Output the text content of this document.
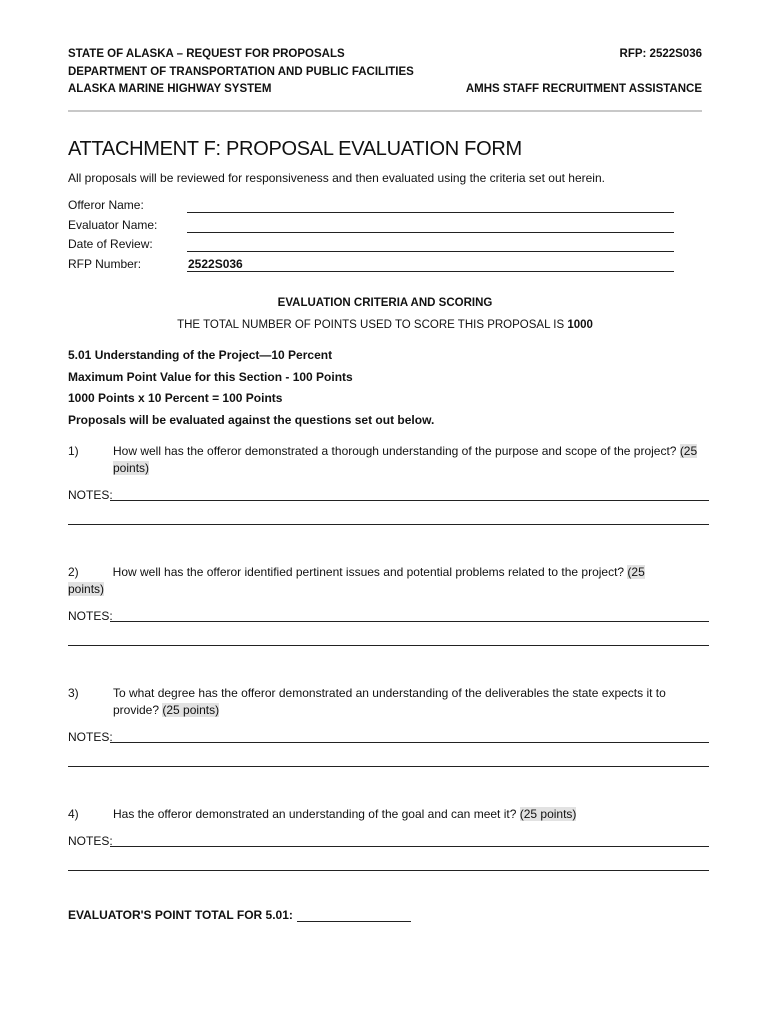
STATE OF ALASKA – REQUEST FOR PROPOSALS
DEPARTMENT OF TRANSPORTATION AND PUBLIC FACILITIES
ALASKA MARINE HIGHWAY SYSTEM
RFP: 2522S036
AMHS STAFF RECRUITMENT ASSISTANCE
ATTACHMENT F: PROPOSAL EVALUATION FORM
All proposals will be reviewed for responsiveness and then evaluated using the criteria set out herein.
Offeror Name:
Evaluator Name:
Date of Review:
RFP Number:	2522S036
EVALUATION CRITERIA AND SCORING
THE TOTAL NUMBER OF POINTS USED TO SCORE THIS PROPOSAL IS 1000
5.01 Understanding of the Project—10 Percent
Maximum Point Value for this Section - 100 Points
1000 Points x 10 Percent = 100 Points
Proposals will be evaluated against the questions set out below.
1)	How well has the offeror demonstrated a thorough understanding of the purpose and scope of the project? (25 points)
NOTES:
2)	How well has the offeror identified pertinent issues and potential problems related to the project? (25
points)
NOTES:
3)	To what degree has the offeror demonstrated an understanding of the deliverables the state expects it to provide? (25 points)
NOTES:
4)	Has the offeror demonstrated an understanding of the goal and can meet it? (25 points)
NOTES:
EVALUATOR'S POINT TOTAL FOR 5.01:
